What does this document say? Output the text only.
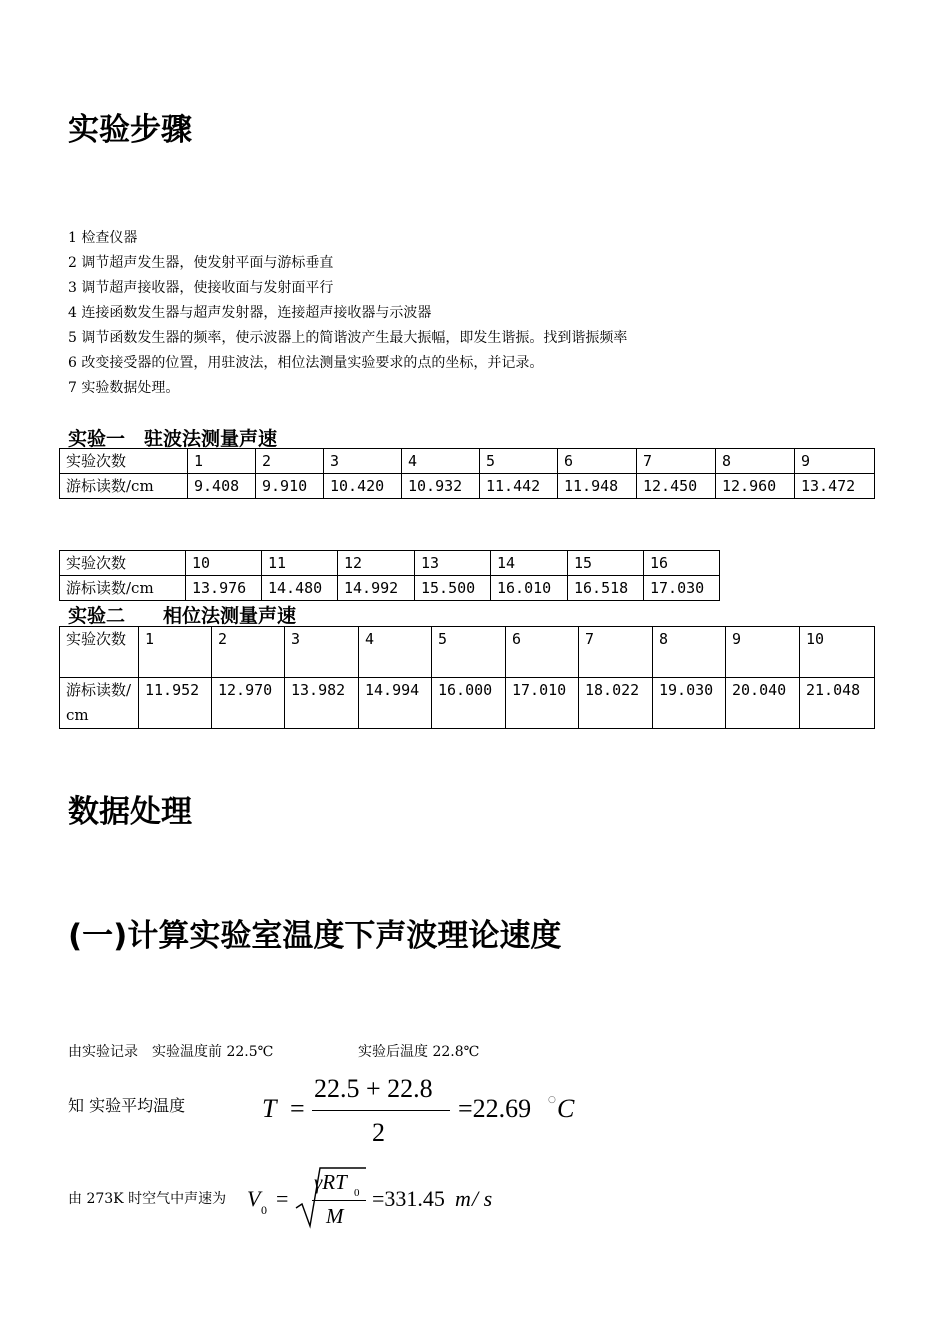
实验步骤
1 检查仪器
2 调节超声发生器，使发射平面与游标垂直
3 调节超声接收器，使接收面与发射面平行
4 连接函数发生器与超声发射器，连接超声接收器与示波器
5 调节函数发生器的频率，使示波器上的简谐波产生最大振幅，即发生谐振。找到谐振频率
6 改变接受器的位置，用驻波法，相位法测量实验要求的点的坐标，并记录。
7 实验数据处理。
实验一　驻波法测量声速
实验次数	1	2	3	4	5	6	7	8	9
游标读数/cm	9.408	9.910	10.420	10.932	11.442	11.948	12.450	12.960	13.472
实验次数	10	11	12	13	14	15	16
游标读数/cm	13.976	14.480	14.992	15.500	16.010	16.518	17.030
实验二　　相位法测量声速
实验次数	1	2	3	4	5	6	7	8	9	10
游标读数/cm	11.952	12.970	13.982	14.994	16.000	17.010	18.022	19.030	20.040	21.048
数据处理
(一)计算实验室温度下声波理论速度
由实验记录　实验温度前 22.5℃	实验后温度 22.8℃
知 实验平均温度	T =
22.5 + 22.8
2
=22.69 ○ C
由 273K 时空气中声速为 V 0 =
γRT 0
M
=331.45 m / s
